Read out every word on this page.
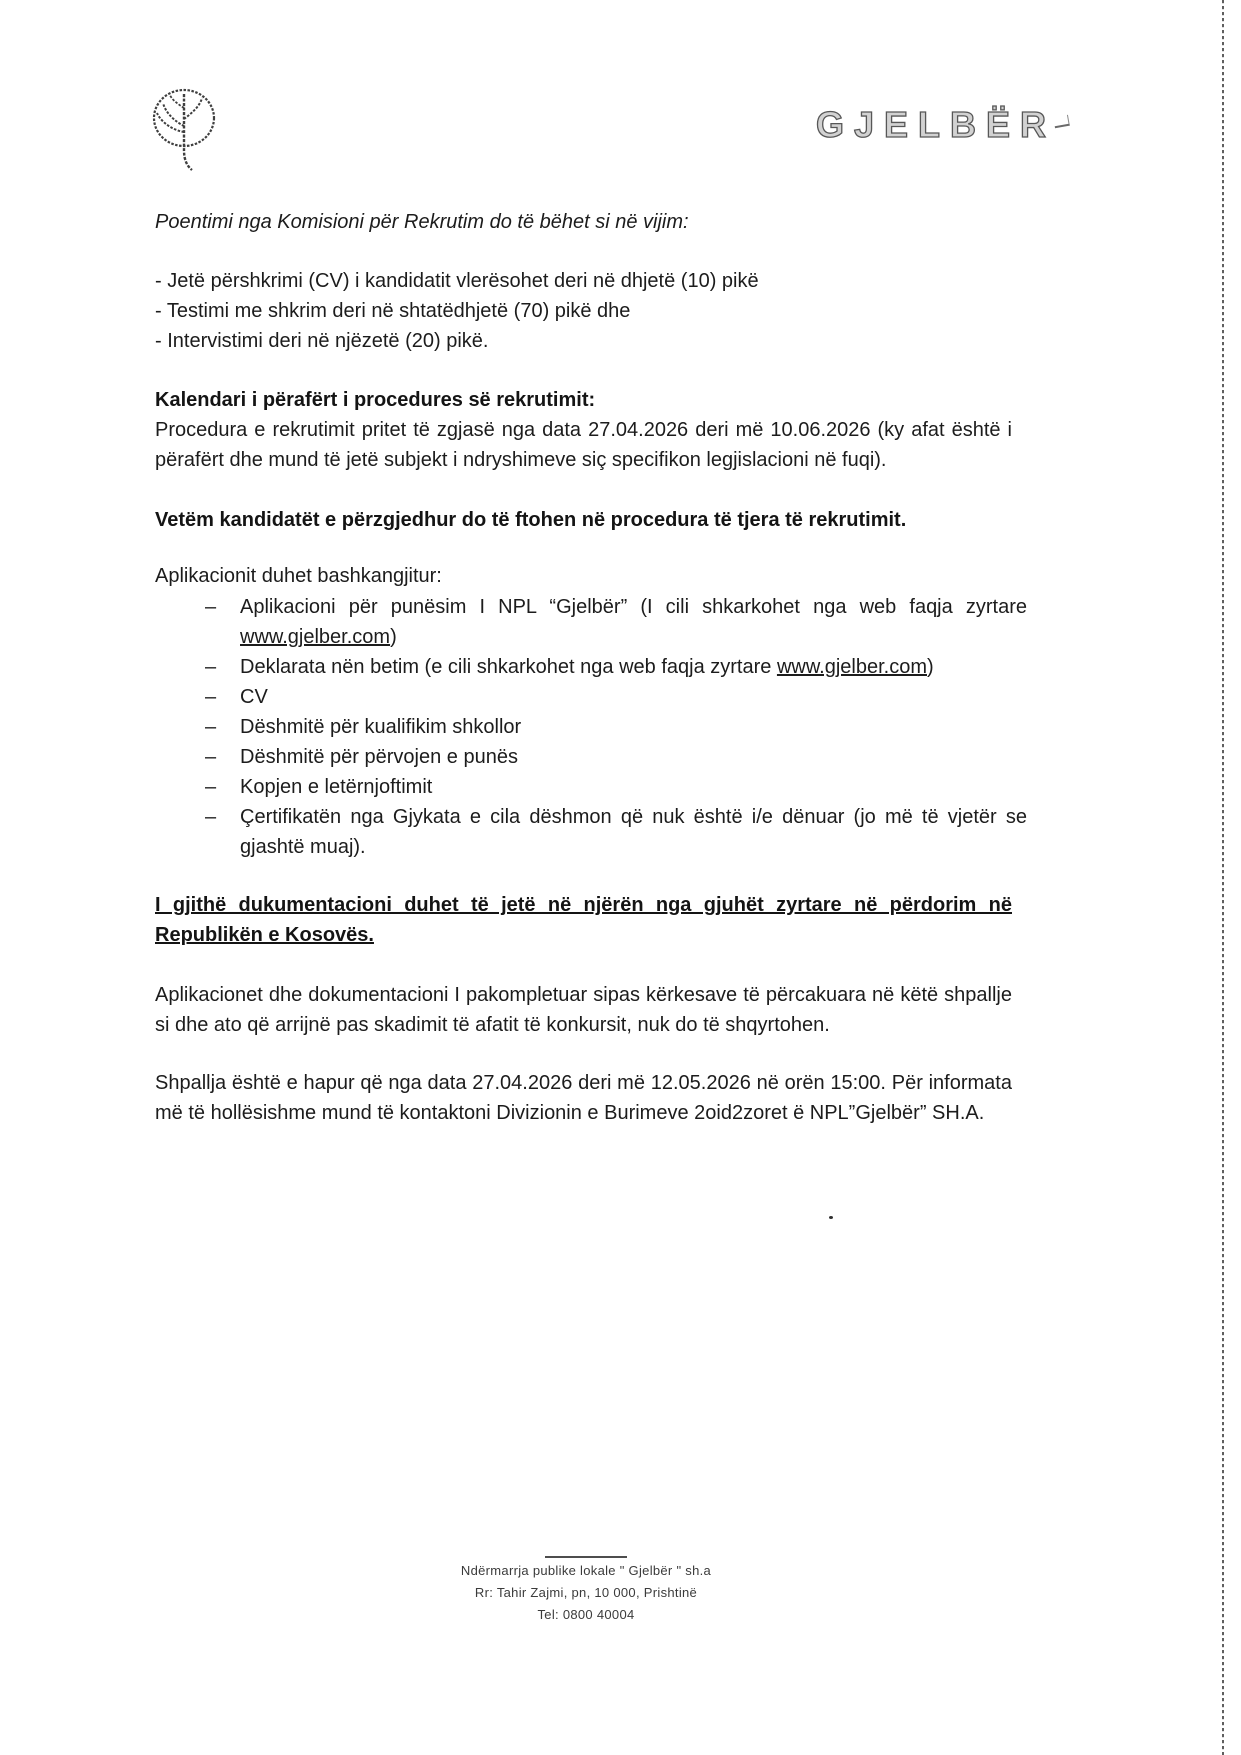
GJELBËR
Poentimi nga Komisioni për Rekrutim do të bëhet si në vijim:
- Jetë përshkrimi (CV) i kandidatit vlerësohet deri në dhjetë (10) pikë
- Testimi me shkrim deri në shtatëdhjetë (70) pikë dhe
- Intervistimi deri në njëzetë (20) pikë.
Kalendari i përafërt i procedures së rekrutimit:
Procedura e rekrutimit pritet të zgjasë nga data 27.04.2026 deri më 10.06.2026 (ky afat është i përafërt dhe mund të jetë subjekt i ndryshimeve siç specifikon legjislacioni në fuqi).
Vetëm kandidatët e përzgjedhur do të ftohen në procedura të tjera të rekrutimit.
Aplikacionit duhet bashkangjitur:
– Aplikacioni për punësim I NPL “Gjelbër” (I cili shkarkohet nga web faqja zyrtare www.gjelber.com)
– Deklarata nën betim (e cili shkarkohet nga web faqja zyrtare www.gjelber.com)
– CV
– Dëshmitë për kualifikim shkollor
– Dëshmitë për përvojen e punës
– Kopjen e letërnjoftimit
– Çertifikatën nga Gjykata e cila dëshmon që nuk është i/e dënuar (jo më të vjetër se gjashtë muaj).
I gjithë dukumentacioni duhet të jetë në njërën nga gjuhët zyrtare në përdorim në Republikën e Kosovës.
Aplikacionet dhe dokumentacioni I pakompletuar sipas kërkesave të përcakuara në këtë shpallje si dhe ato që arrijnë pas skadimit të afatit të konkursit, nuk do të shqyrtohen.
Shpallja është e hapur që nga data 27.04.2026 deri më 12.05.2026 në orën 15:00. Për informata më të hollësishme mund të kontaktoni Divizionin e Burimeve 2oid2zoret ë NPL”Gjelbër” SH.A.
Ndërmarrja publike lokale " Gjelbër " sh.a
Rr: Tahir Zajmi, pn, 10 000, Prishtinë
Tel: 0800 40004
